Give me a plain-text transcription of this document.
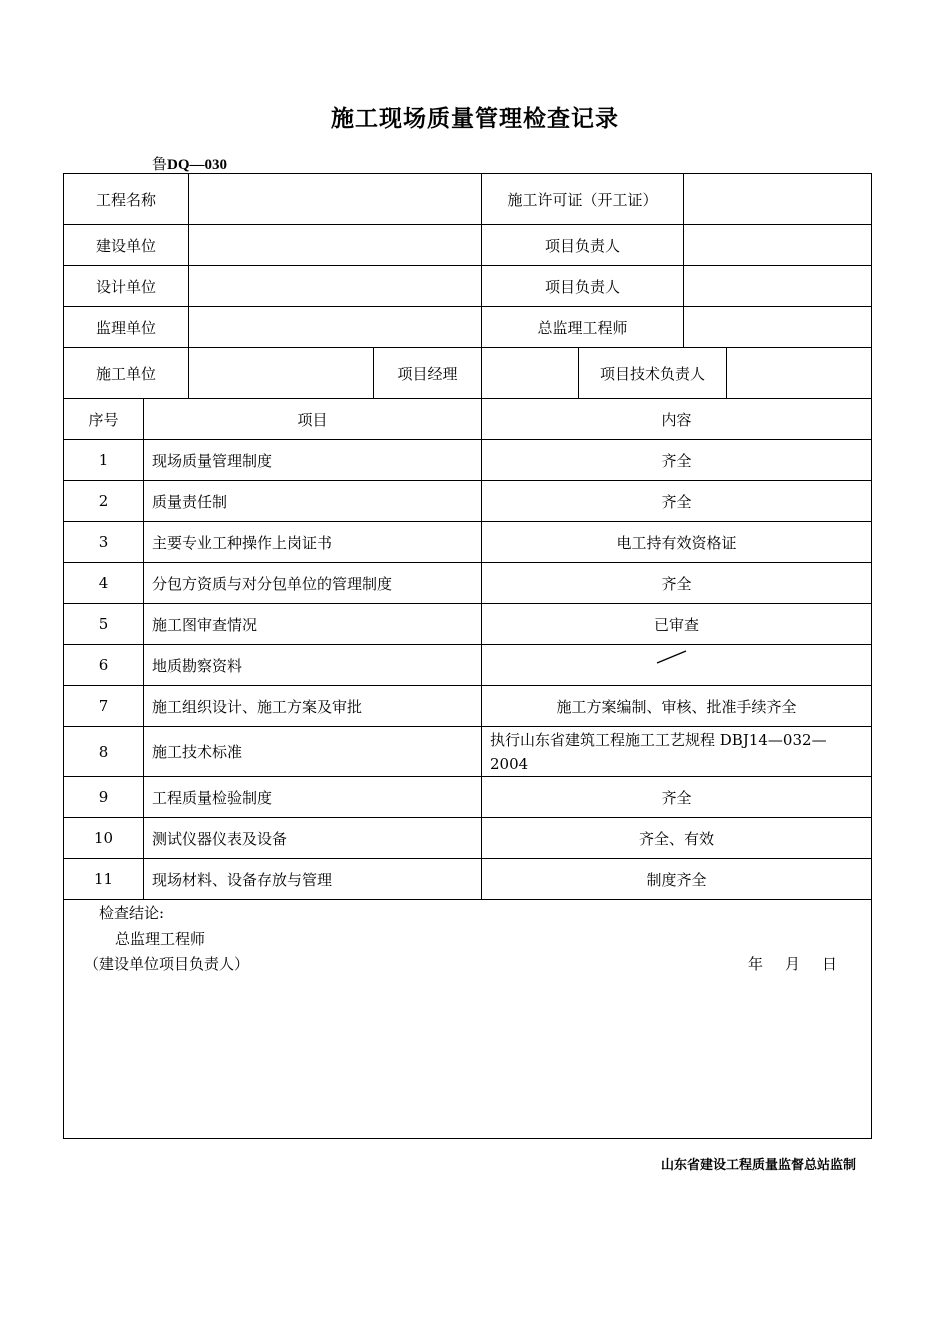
施工现场质量管理检查记录
鲁DQ—030
工程名称				施工许可证（开工证）			
建设单位				项目负责人			
设计单位				项目负责人			
监理单位				总监理工程师			
施工单位			项目经理		项目技术负责人		
序号	项目			内容			
1	现场质量管理制度			齐全			
2	质量责任制			齐全			
3	主要专业工种操作上岗证书			电工持有效资格证			
4	分包方资质与对分包单位的管理制度			齐全			
5	施工图审查情况			已审查			
6	地质勘察资料	

7	施工组织设计、施工方案及审批			施工方案编制、审核、批准手续齐全			
8	施工技术标准			执行山东省建筑工程施工工艺规程 DBJ14—032—2004			
9	工程质量检验制度			齐全			
10	测试仪器仪表及设备			齐全、有效			
11	现场材料、设备存放与管理			制度齐全			

检查结论:
总监理工程师
（建设单位项目负责人） 年 月 日							
山东省建设工程质量监督总站监制
